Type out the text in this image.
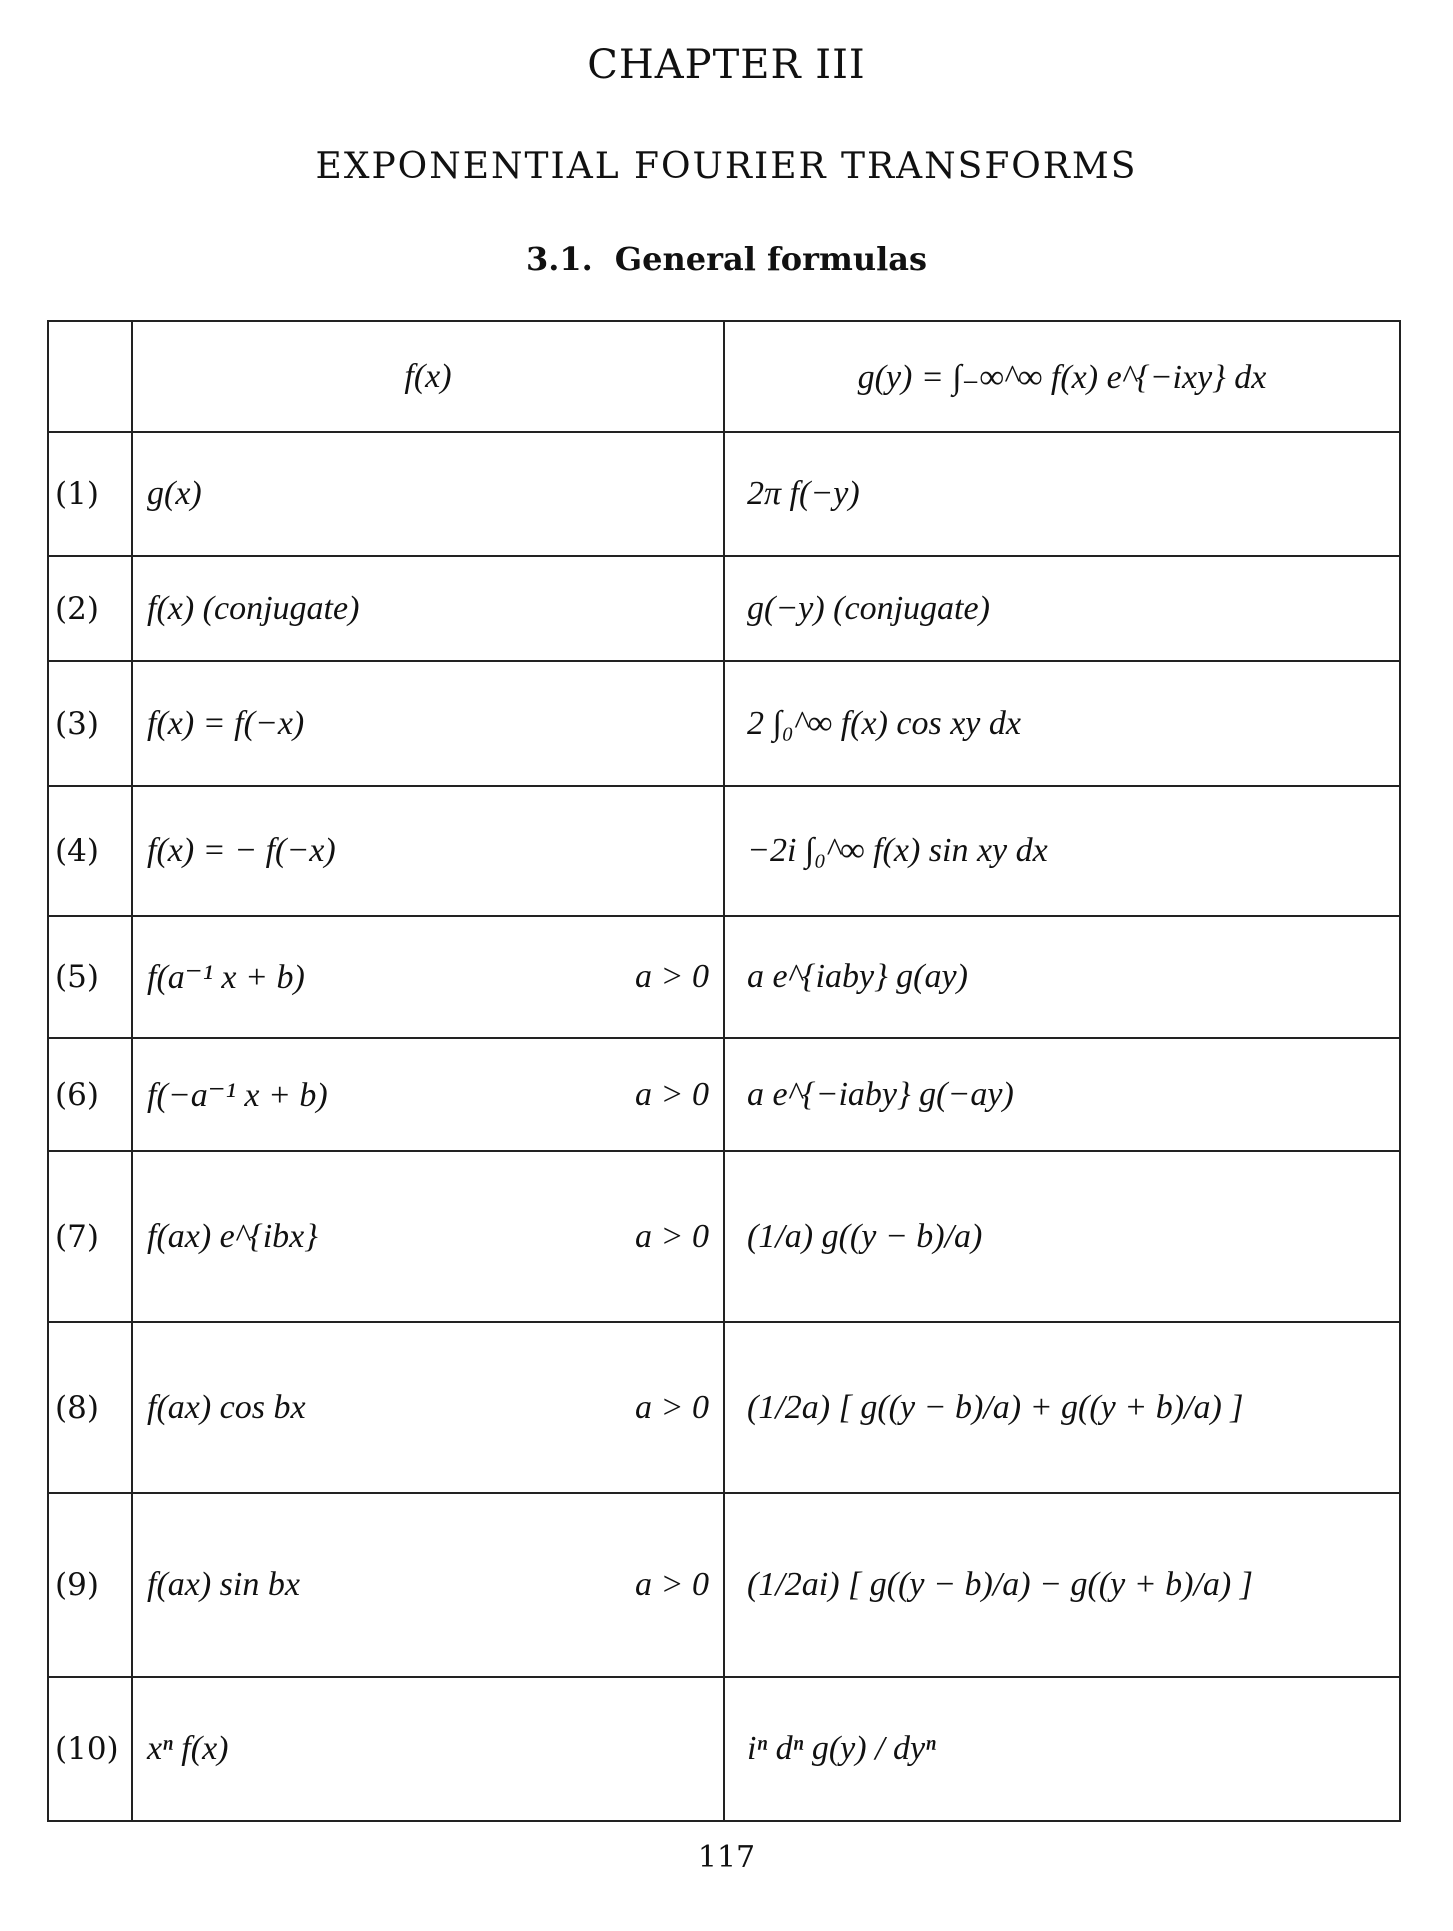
CHAPTER III
EXPONENTIAL FOURIER TRANSFORMS
3.1. General formulas

	f(x)	g(y) = ∫₋∞^∞ f(x) e^{−ixy} dx

(1)	g(x)	2π f(−y)
(2)	f(x) (conjugate)	g(−y) (conjugate)
(3)	f(x) = f(−x)	2 ∫₀^∞ f(x) cos xy dx
(4)	f(x) = − f(−x)	−2i ∫₀^∞ f(x) sin xy dx
(5)	f(a⁻¹ x + b) a > 0	a e^{iaby} g(ay)
(6)	f(−a⁻¹ x + b) a > 0	a e^{−iaby} g(−ay)
(7)	f(ax) e^{ibx} a > 0	(1/a) g((y − b)/a)
(8)	f(ax) cos bx a > 0	(1/2a) [ g((y − b)/a) + g((y + b)/a) ]
(9)	f(ax) sin bx a > 0	(1/2ai) [ g((y − b)/a) − g((y + b)/a) ]
(10)	xⁿ f(x)	iⁿ dⁿ g(y) / dyⁿ
117
